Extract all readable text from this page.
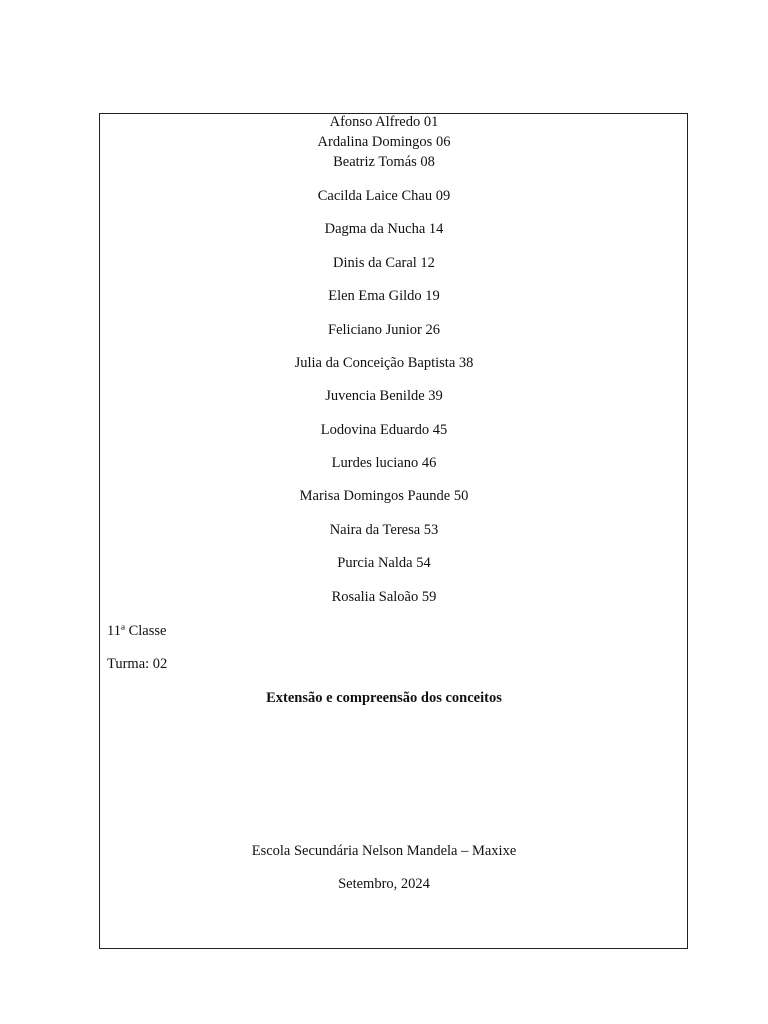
Afonso Alfredo 01
Ardalina Domingos 06
Beatriz Tomás 08
Cacilda Laice Chau 09
Dagma da Nucha 14
Dinis da Caral 12
Elen Ema Gildo 19
Feliciano Junior 26
Julia da Conceição Baptista 38
Juvencia Benilde 39
Lodovina Eduardo 45
Lurdes luciano 46
Marisa Domingos Paunde 50
Naira da Teresa 53
Purcia Nalda 54
Rosalia Saloão 59
11ª Classe
Turma: 02
Extensão e compreensão dos conceitos
Escola Secundária Nelson Mandela – Maxixe
Setembro, 2024
